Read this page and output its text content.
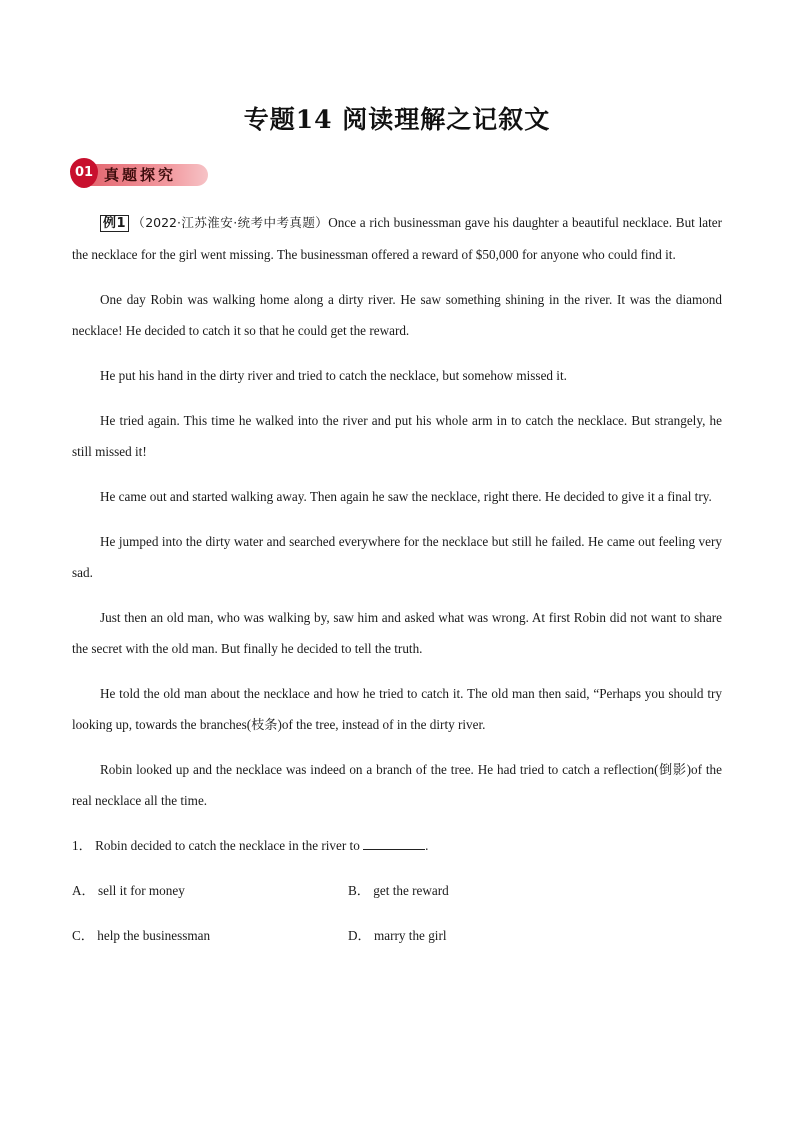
专题14 阅读理解之记叙文
01 真题探究

例1 （2022·江苏淮安·统考中考真题）Once a rich businessman gave his daughter a beautiful necklace. But later the necklace for the girl went missing. The businessman offered a reward of $50,000 for anyone who could find it.

One day Robin was walking home along a dirty river. He saw something shining in the river. It was the diamond necklace! He decided to catch it so that he could get the reward.

He put his hand in the dirty river and tried to catch the necklace, but somehow missed it.

He tried again. This time he walked into the river and put his whole arm in to catch the necklace. But strangely, he still missed it!

He came out and started walking away. Then again he saw the necklace, right there. He decided to give it a final try.

He jumped into the dirty water and searched everywhere for the necklace but still he failed. He came out feeling very sad.

Just then an old man, who was walking by, saw him and asked what was wrong. At first Robin did not want to share the secret with the old man. But finally he decided to tell the truth.

He told the old man about the necklace and how he tried to catch it. The old man then said, “Perhaps you should try looking up, towards the branches(枝条)of the tree, instead of in the dirty river.

Robin looked up and the necklace was indeed on a branch of the tree. He had tried to catch a reflection(倒影)of the real necklace all the time.

1． Robin decided to catch the necklace in the river to	.
A． sell it for money	B． get the reward
C． help the businessman	D． marry the girl
